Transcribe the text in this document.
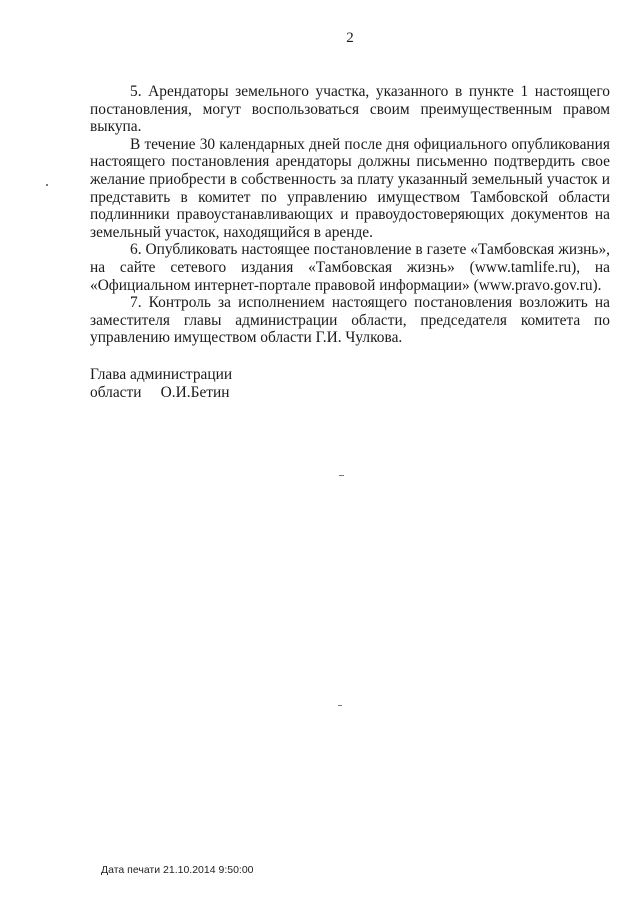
2

5. Арендаторы земельного участка, указанного в пункте 1 настоящего постановления, могут воспользоваться своим преимущественным правом выкупа.

В течение 30 календарных дней после дня официального опубликования настоящего постановления арендаторы должны письменно подтвердить свое желание приобрести в собственность за плату указанный земельный участок и представить в комитет по управлению имуществом Тамбовской области подлинники правоустанавливающих и правоудостоверяющих документов на земельный участок, находящийся в аренде.

6. Опубликовать настоящее постановление в газете «Тамбовская жизнь», на сайте сетевого издания «Тамбовская жизнь» (www.tamlife.ru), на «Официальном интернет-портале правовой информации» (www.pravo.gov.ru).

7. Контроль за исполнением настоящего постановления возложить на заместителя главы администрации области, председателя комитета по управлению имуществом области Г.И. Чулкова.

Глава администрации
области     О.И.Бетин
Дата печати 21.10.2014 9:50:00
